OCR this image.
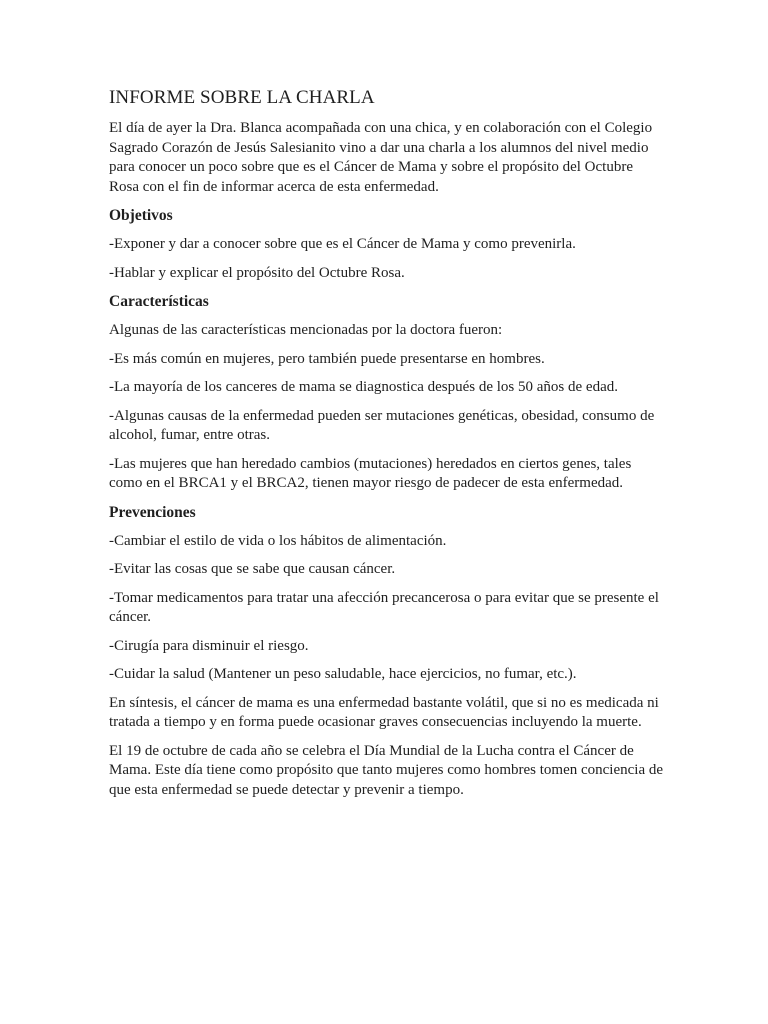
INFORME SOBRE LA CHARLA

El día de ayer la Dra. Blanca acompañada con una chica, y en colaboración con el Colegio Sagrado Corazón de Jesús Salesianito vino a dar una charla a los alumnos del nivel medio para conocer un poco sobre que es el Cáncer de Mama y sobre el propósito del Octubre Rosa con el fin de informar acerca de esta enfermedad.

Objetivos

-Exponer y dar a conocer sobre que es el Cáncer de Mama y como prevenirla.

-Hablar y explicar el propósito del Octubre Rosa.

Características

Algunas de las características mencionadas por la doctora fueron:

-Es más común en mujeres, pero también puede presentarse en hombres.

-La mayoría de los canceres de mama se diagnostica después de los 50 años de edad.

-Algunas causas de la enfermedad pueden ser mutaciones genéticas, obesidad, consumo de alcohol, fumar, entre otras.

-Las mujeres que han heredado cambios (mutaciones) heredados en ciertos genes, tales como en el BRCA1 y el BRCA2, tienen mayor riesgo de padecer de esta enfermedad.

Prevenciones

-Cambiar el estilo de vida o los hábitos de alimentación.

-Evitar las cosas que se sabe que causan cáncer.

-Tomar medicamentos para tratar una afección precancerosa o para evitar que se presente el cáncer.

-Cirugía para disminuir el riesgo.

-Cuidar la salud (Mantener un peso saludable, hace ejercicios, no fumar, etc.).

En síntesis, el cáncer de mama es una enfermedad bastante volátil, que si no es medicada ni tratada a tiempo y en forma puede ocasionar graves consecuencias incluyendo la muerte.

El 19 de octubre de cada año se celebra el Día Mundial de la Lucha contra el Cáncer de Mama. Este día tiene como propósito que tanto mujeres como hombres tomen conciencia de que esta enfermedad se puede detectar y prevenir a tiempo.
